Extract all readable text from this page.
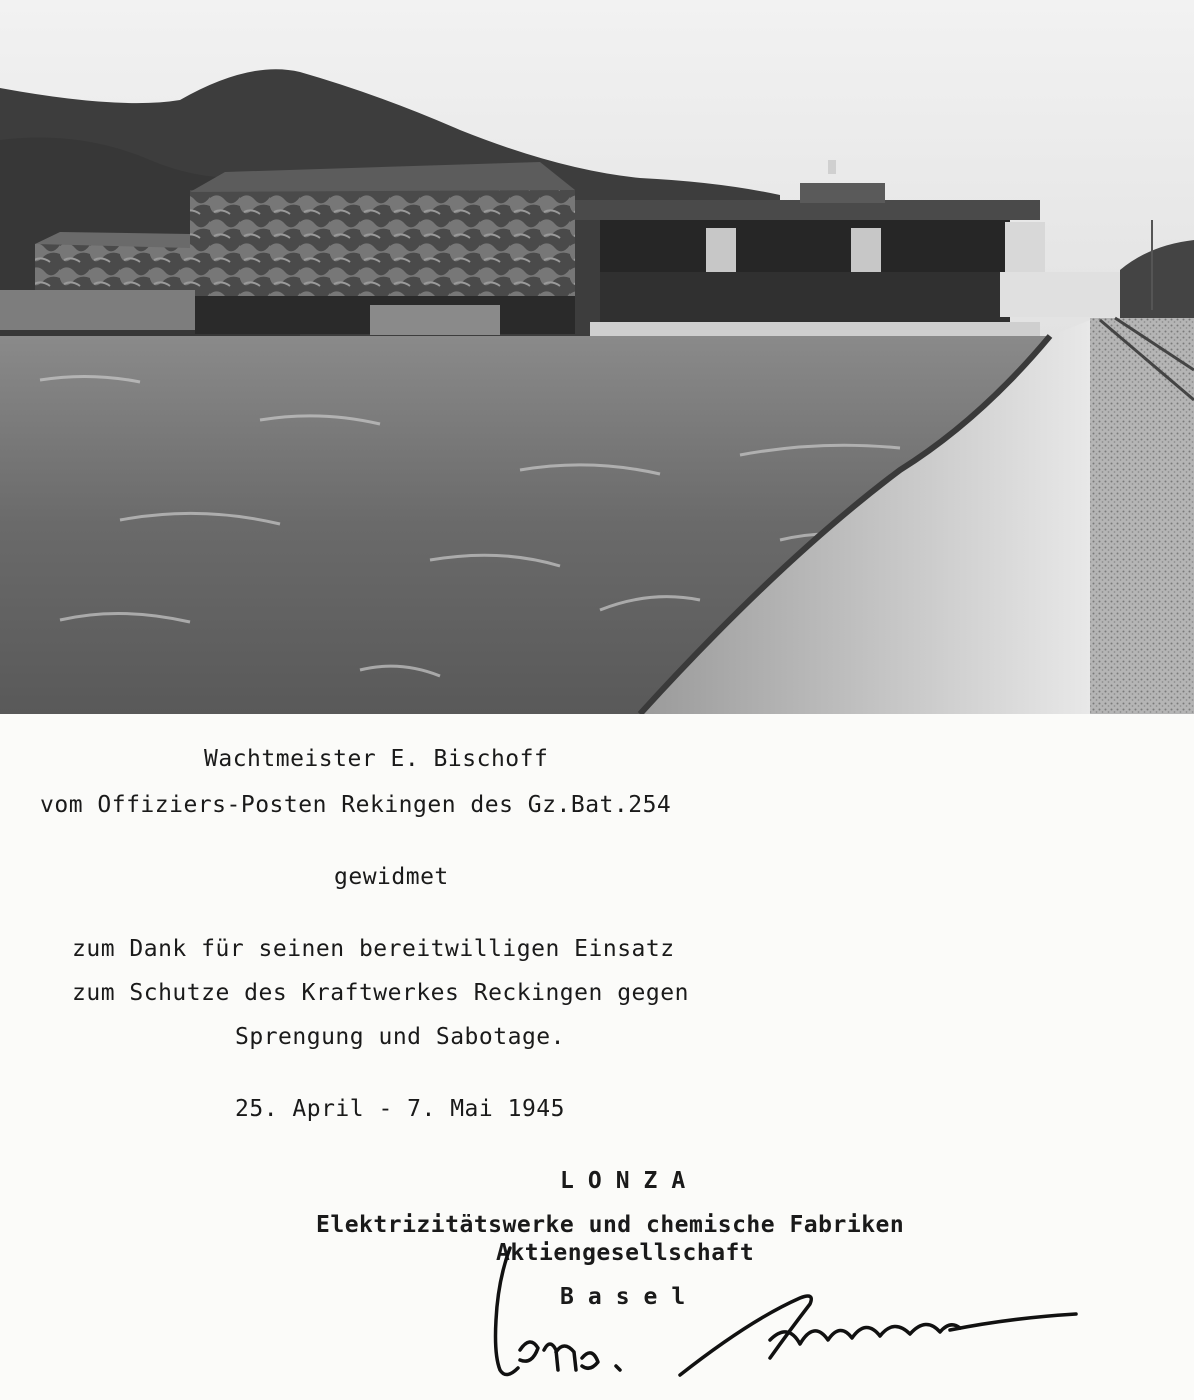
Wachtmeister E. Bischoff
vom Offiziers-Posten Rekingen des Gz.Bat.254
gewidmet
zum Dank für seinen bereitwilligen Einsatz
zum Schutze des Kraftwerkes Reckingen gegen
Sprengung und Sabotage.
25. April - 7. Mai 1945
LONZA
Elektrizitätswerke und chemische Fabriken
Aktiengesellschaft
Basel
